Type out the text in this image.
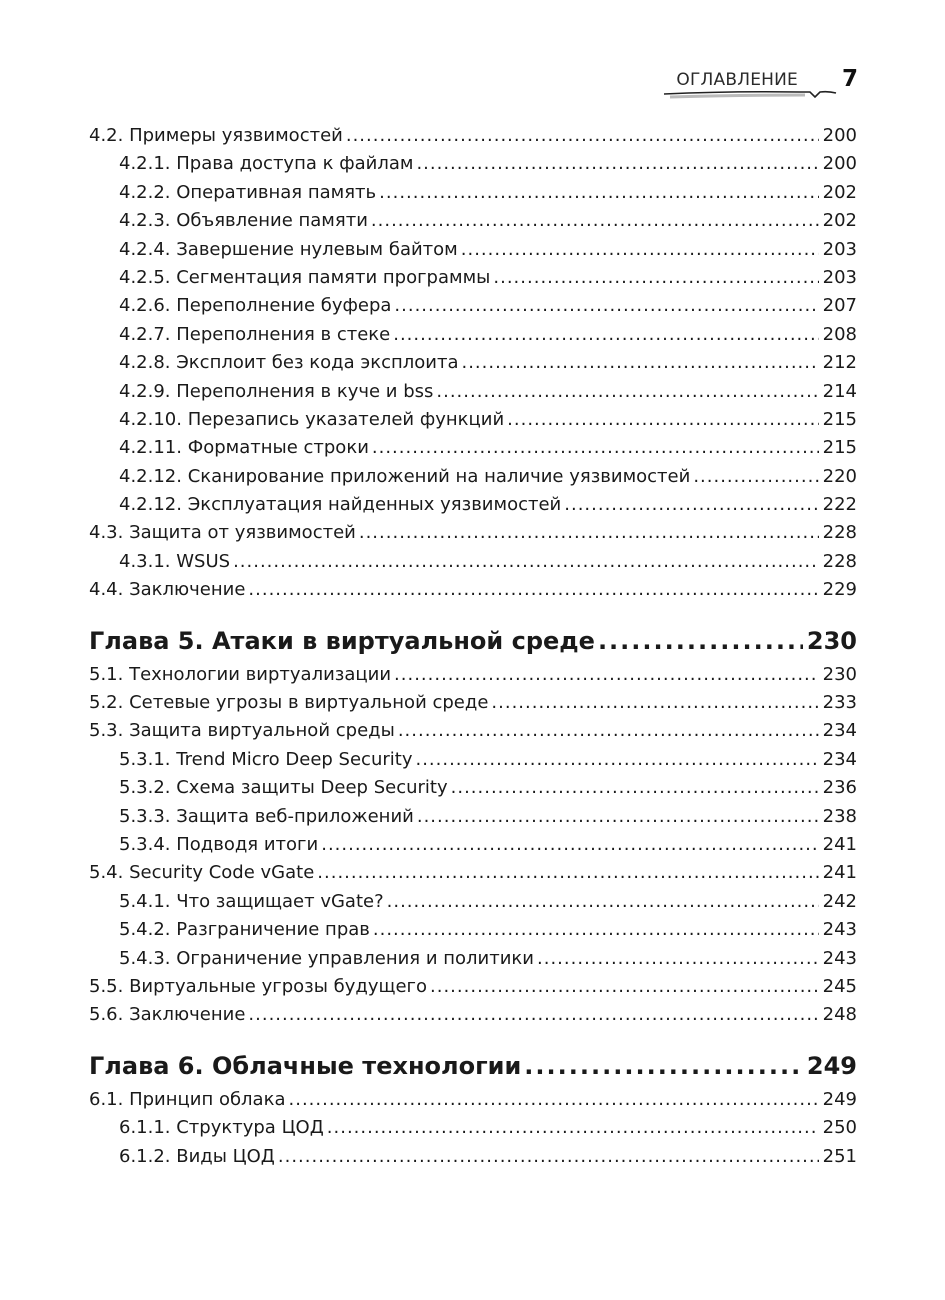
ОГЛАВЛЕНИЕ 7
4.2. Примеры уязвимостей .....	200
4.2.1. Права доступа к файлам .....	200
4.2.2. Оперативная память .....	202
4.2.3. Объявление памяти .....	202
4.2.4. Завершение нулевым байтом .....	203
4.2.5. Сегментация памяти программы .....	203
4.2.6. Переполнение буфера .....	207
4.2.7. Переполнения в стеке .....	208
4.2.8. Эксплоит без кода эксплоита .....	212
4.2.9. Переполнения в куче и bss .....	214
4.2.10. Перезапись указателей функций .....	215
4.2.11. Форматные строки .....	215
4.2.12. Сканирование приложений на наличие уязвимостей .....	220
4.2.12. Эксплуатация найденных уязвимостей .....	222
4.3. Защита от уязвимостей .....	228
4.3.1. WSUS .....	228
4.4. Заключение .....	229
Глава 5. Атаки в виртуальной среде .....	230
5.1. Технологии виртуализации .....	230
5.2. Сетевые угрозы в виртуальной среде .....	233
5.3. Защита виртуальной среды .....	234
5.3.1. Trend Micro Deep Security .....	234
5.3.2. Схема защиты Deep Security .....	236
5.3.3. Защита веб-приложений .....	238
5.3.4. Подводя итоги .....	241
5.4. Security Code vGate .....	241
5.4.1. Что защищает vGate? .....	242
5.4.2. Разграничение прав .....	243
5.4.3. Ограничение управления и политики .....	243
5.5. Виртуальные угрозы будущего .....	245
5.6. Заключение .....	248
Глава 6. Облачные технологии .....	249
6.1. Принцип облака .....	249
6.1.1. Структура ЦОД .....	250
6.1.2. Виды ЦОД .....	251
